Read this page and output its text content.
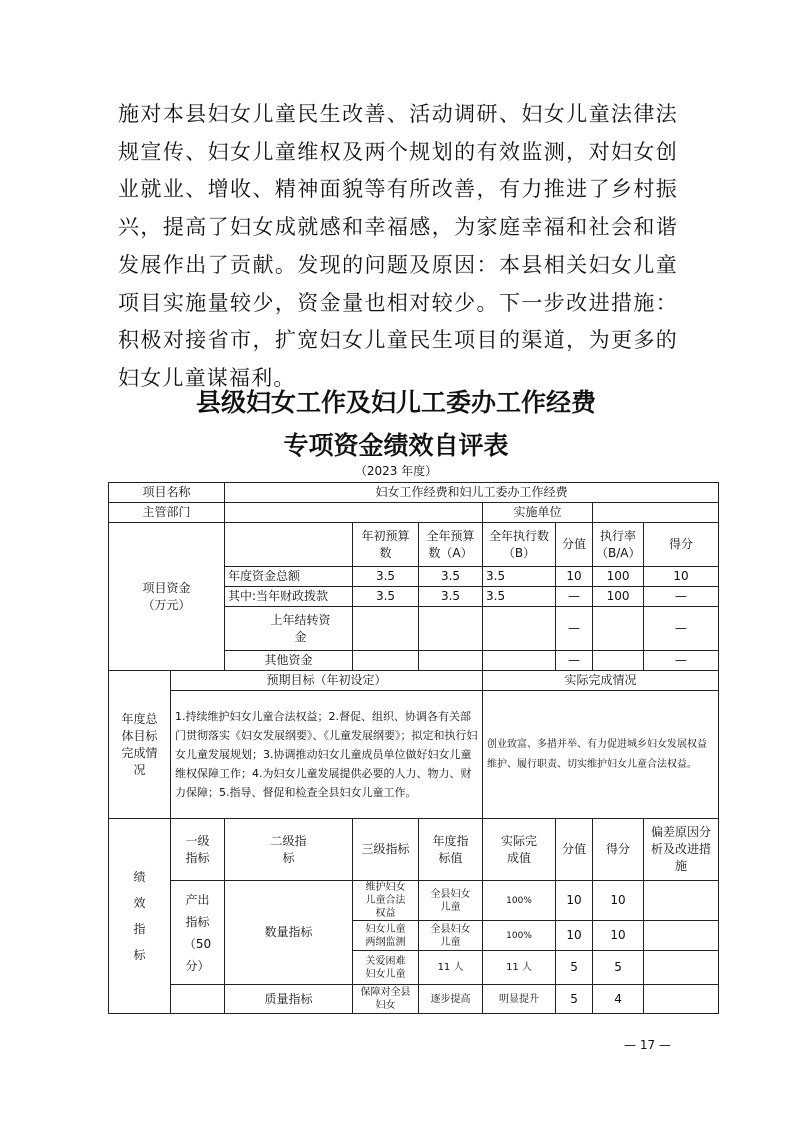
施对本县妇女儿童民生改善、活动调研、妇女儿童法律法规宣传、妇女儿童维权及两个规划的有效监测，对妇女创业就业、增收、精神面貌等有所改善，有力推进了乡村振兴，提高了妇女成就感和幸福感，为家庭幸福和社会和谐发展作出了贡献。发现的问题及原因：本县相关妇女儿童项目实施量较少，资金量也相对较少。下一步改进措施：积极对接省市，扩宽妇女儿童民生项目的渠道，为更多的妇女儿童谋福利。

县级妇女工作及妇儿工委办工作经费
专项资金绩效自评表
（2023 年度）
项目名称		妇女工作经费和妇儿工委办工作经费						
主管部门					实施单位			
项目资金（万元）			年初预算数	全年预算数（A）	全年执行数（B）	分值	执行率（B/A）	得分
		年度资金总额	3.5	3.5	3.5	10	100	10
		其中:当年财政拨款	3.5	3.5	3.5	—	100	—
		上年结转资金				—		—
		其他资金				—		—
年度总体目标完成情况	预期目标（年初设定）				实际完成情况			
	1.持续维护妇女儿童合法权益；2.督促、组织、协调各有关部门贯彻落实《妇女发展纲要》、《儿童发展纲要》；拟定和执行妇女儿童发展规划；3.协调推动妇女儿童成员单位做好妇女儿童维权保障工作；4.为妇女儿童发展提供必要的人力、物力、财力保障；5.指导、督促和检查全县妇女儿童工作。				创业致富、多措并举、有力促进城乡妇女发展权益维护、履行职责、切实维护妇女儿童合法权益。			
绩效指标	一级指标	二级指标	三级指标	年度指标值	实际完成值	分值	得分	偏差原因分析及改进措施
	产出指标（50分）	数量指标	维护妇女儿童合法权益	全县妇女儿童	100%	10	10	
			妇女儿童两纲监测	全县妇女儿童	100%	10	10	
			关爱困难妇女儿童	11 人	11 人	5	5	
		质量指标	保障对全县妇女	逐步提高	明显提升	5	4	
— 17 —
